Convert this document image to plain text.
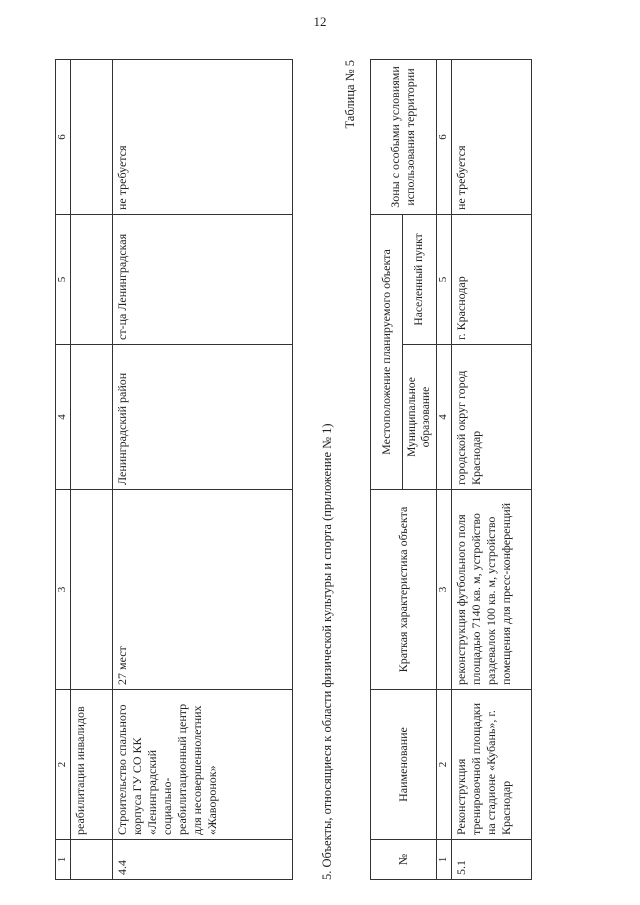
12
1	2	3	4	5	6
	реабилитации инвалидов				
4.4	Строительство спального корпуса ГУ СО КК «Ленинградский социально-реабилитационный центр для несовершеннолетних «Жаворонок»	27 мест	Ленинградский район	ст-ца Ленинградская	не требуется
5. Объекты, относящиеся к области физической культуры и спорта (приложение № 1)
Таблица № 5
№	Наименование	Краткая характеристика объекта	Местоположение планируемого объекта		Зоны с особыми условиями использования территории
			Муниципальное образование	Населенный пункт	
1	2	3	4	5	6
5.1	Реконструкция тренировочной площадки на стадионе «Кубань», г. Краснодар	реконструкция футбольного поля площадью 7140 кв. м, устройство раздевалок 100 кв. м, устройство помещения для пресс-конференций	городской округ город Краснодар	г. Краснодар	не требуется
